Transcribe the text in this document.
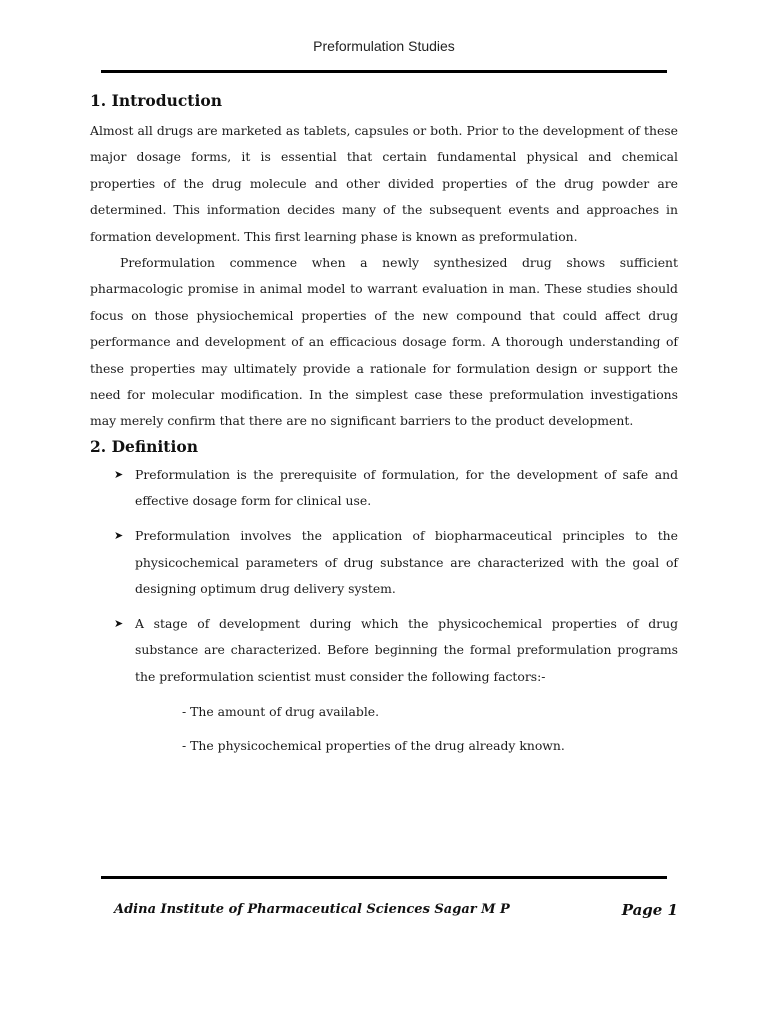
Preformulation Studies
1. Introduction

Almost all drugs are marketed as tablets, capsules or both. Prior to the development of these major dosage forms, it is essential that certain fundamental physical and chemical properties of the drug molecule and other divided properties of the drug powder are determined. This information decides many of the subsequent events and approaches in formation development. This first learning phase is known as preformulation.

Preformulation commence when a newly synthesized drug shows sufficient pharmacologic promise in animal model to warrant evaluation in man. These studies should focus on those physiochemical properties of the new compound that could affect drug performance and development of an efficacious dosage form. A thorough understanding of these properties may ultimately provide a rationale for formulation design or support the need for molecular modification. In the simplest case these preformulation investigations may merely confirm that there are no significant barriers to the product development.

2. Definition
➤ Preformulation is the prerequisite of formulation, for the development of safe and effective dosage form for clinical use.
➤ Preformulation involves the application of biopharmaceutical principles to the physicochemical parameters of drug substance are characterized with the goal of designing optimum drug delivery system.
➤ A stage of development during which the physicochemical properties of drug substance are characterized. Before beginning the formal preformulation programs the preformulation scientist must consider the following factors:-
- The amount of drug available.
- The physicochemical properties of the drug already known.
Adina Institute of Pharmaceutical Sciences Sagar M P	Page 1
